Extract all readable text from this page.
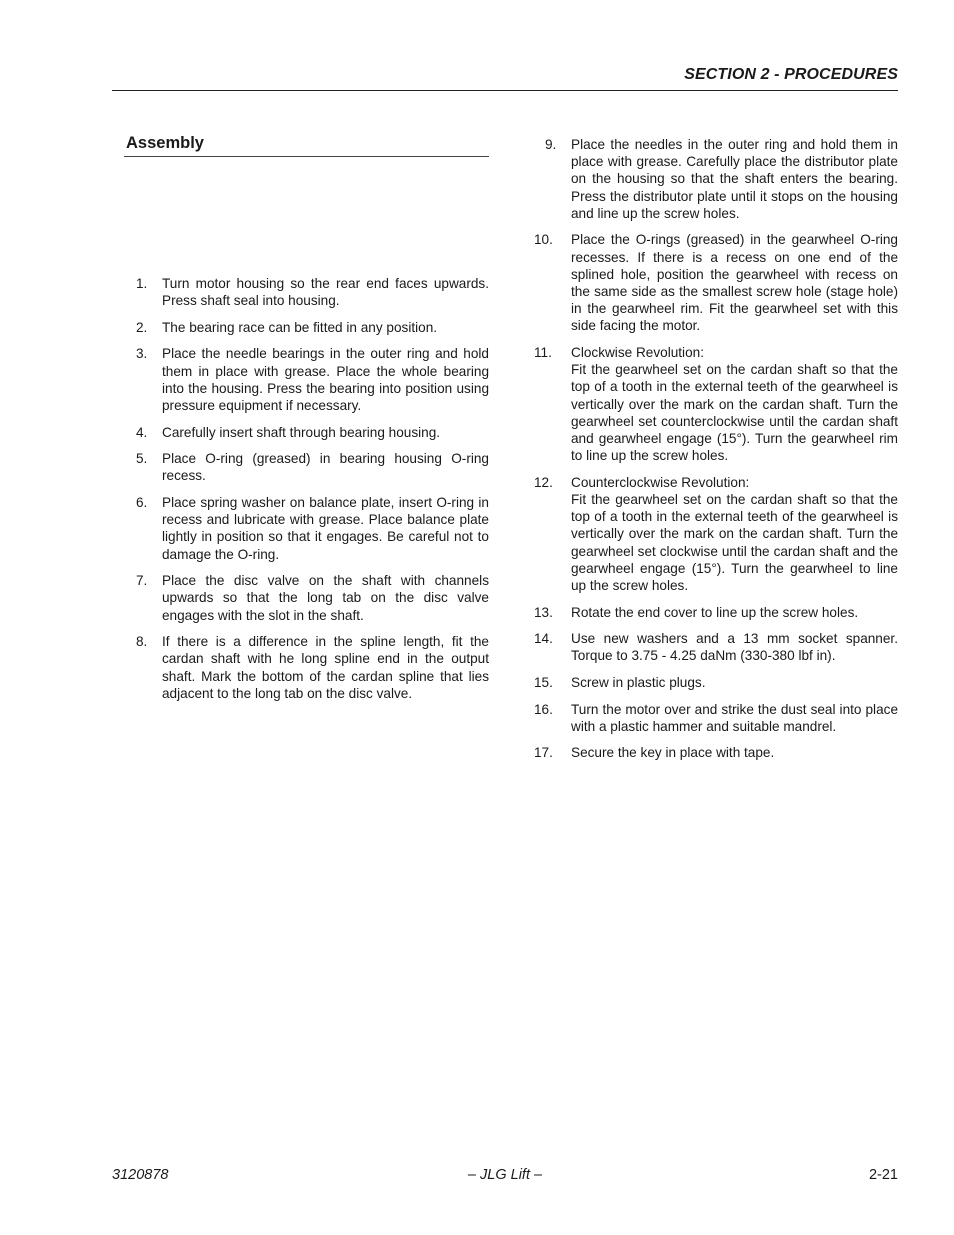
SECTION 2 - PROCEDURES
Assembly
1. Turn motor housing so the rear end faces upwards. Press shaft seal into housing.
2. The bearing race can be fitted in any position.
3. Place the needle bearings in the outer ring and hold them in place with grease. Place the whole bearing into the housing. Press the bearing into position using pressure equipment if necessary.
4. Carefully insert shaft through bearing housing.
5. Place O-ring (greased) in bearing housing O-ring recess.
6. Place spring washer on balance plate, insert O-ring in recess and lubricate with grease. Place balance plate lightly in position so that it engages. Be careful not to damage the O-ring.
7. Place the disc valve on the shaft with channels upwards so that the long tab on the disc valve engages with the slot in the shaft.
8. If there is a difference in the spline length, fit the cardan shaft with he long spline end in the output shaft. Mark the bottom of the cardan spline that lies adjacent to the long tab on the disc valve.
9. Place the needles in the outer ring and hold them in place with grease. Carefully place the distributor plate on the housing so that the shaft enters the bearing. Press the distributor plate until it stops on the housing and line up the screw holes.
10. Place the O-rings (greased) in the gearwheel O-ring recesses. If there is a recess on one end of the splined hole, position the gearwheel with recess on the same side as the smallest screw hole (stage hole) in the gearwheel rim. Fit the gearwheel set with this side facing the motor.
11. Clockwise Revolution:
Fit the gearwheel set on the cardan shaft so that the top of a tooth in the external teeth of the gearwheel is vertically over the mark on the cardan shaft. Turn the gearwheel set counterclockwise until the cardan shaft and gearwheel engage (15°). Turn the gearwheel rim to line up the screw holes.
12. Counterclockwise Revolution:
Fit the gearwheel set on the cardan shaft so that the top of a tooth in the external teeth of the gearwheel is vertically over the mark on the cardan shaft. Turn the gearwheel set clockwise until the cardan shaft and the gearwheel engage (15°). Turn the gearwheel to line up the screw holes.
13. Rotate the end cover to line up the screw holes.
14. Use new washers and a 13 mm socket spanner. Torque to 3.75 - 4.25 daNm (330-380 lbf in).
15. Screw in plastic plugs.
16. Turn the motor over and strike the dust seal into place with a plastic hammer and suitable mandrel.
17. Secure the key in place with tape.
3120878	– JLG Lift –	2-21
